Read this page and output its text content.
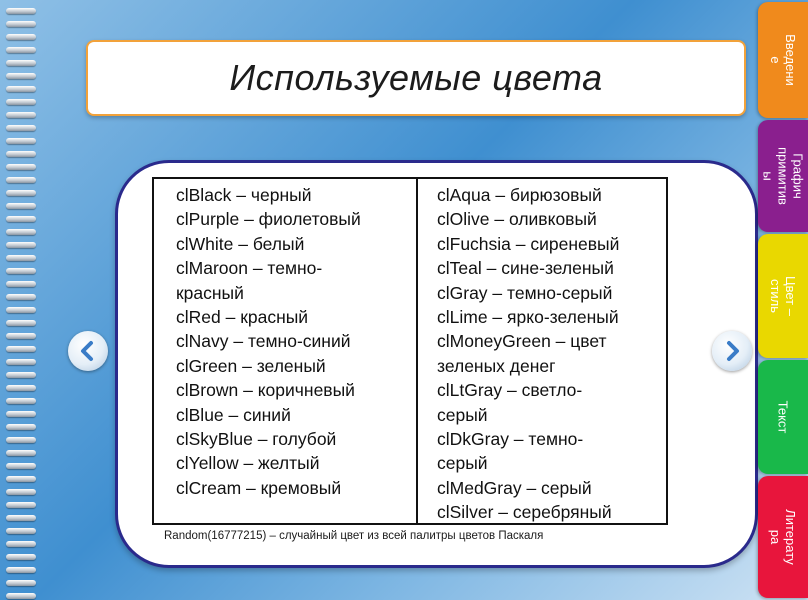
Используемые цвета
clBlack – черный
clPurple – фиолетовый
clWhite – белый
clMaroon – темно-
красный
clRed – красный
clNavy – темно-синий
clGreen – зеленый
clBrown – коричневый
clBlue – синий
clSkyBlue – голубой
clYellow – желтый
clCream – кремовый
clAqua – бирюзовый
clOlive – оливковый
clFuchsia – сиреневый
clTeal – сине-зеленый
clGray – темно-серый
clLime – ярко-зеленый
clMoneyGreen – цвет
зеленых денег
clLtGray – светло-
серый
clDkGray – темно-
серый
clMedGray – серый
clSilver – серебряный
Random(16777215) – случайный цвет из всей палитры цветов Паскаля
Введени
е
Графич
примитив
ы
Цвет –
стиль
Текст
Литерату
ра
